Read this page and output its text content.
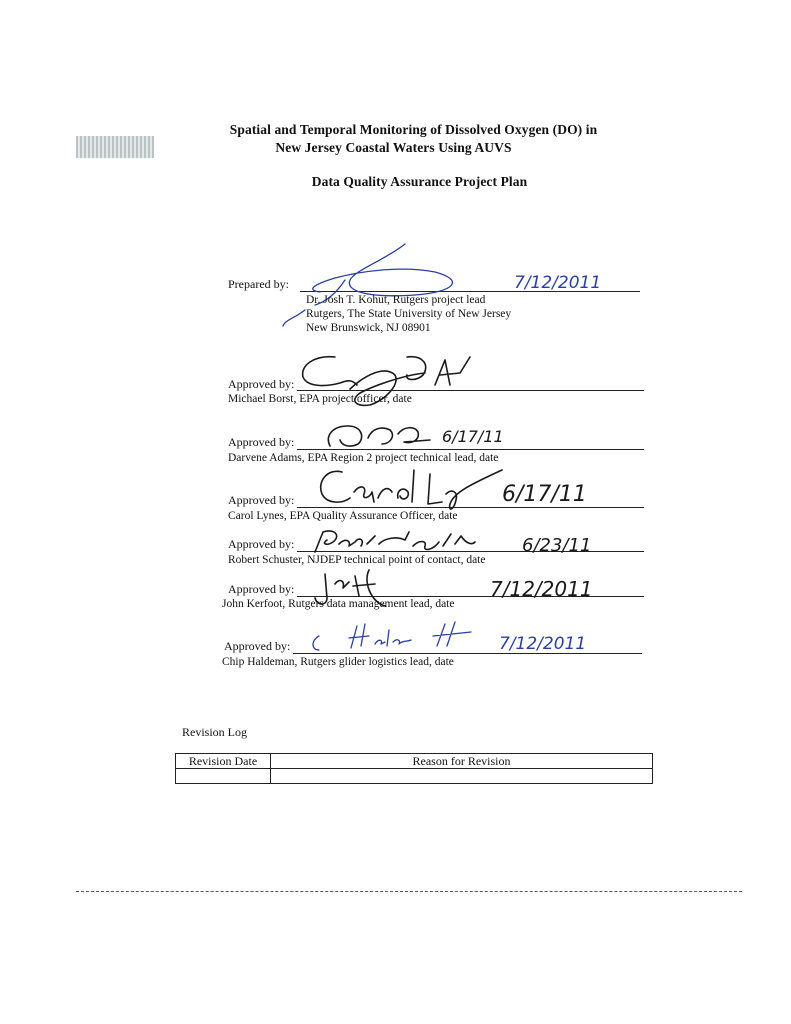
Spatial and Temporal Monitoring of Dissolved Oxygen (DO) in
New Jersey Coastal Waters Using AUVS
Data Quality Assurance Project Plan
Prepared by:	7/12/2011
Dr. Josh T. Kohut, Rutgers project lead
Rutgers, The State University of New Jersey
New Brunswick, NJ 08901
Approved by:
Michael Borst, EPA project officer, date
Approved by:	6/17/11
Darvene Adams, EPA Region 2 project technical lead, date
Approved by:	6/17/11
Carol Lynes, EPA Quality Assurance Officer, date
Approved by:	6/23/11
Robert Schuster, NJDEP technical point of contact, date
Approved by:	7/12/2011
John Kerfoot, Rutgers data management lead, date
Approved by:	7/12/2011
Chip Haldeman, Rutgers glider logistics lead, date
Revision Log
Revision Date	Reason for Revision
